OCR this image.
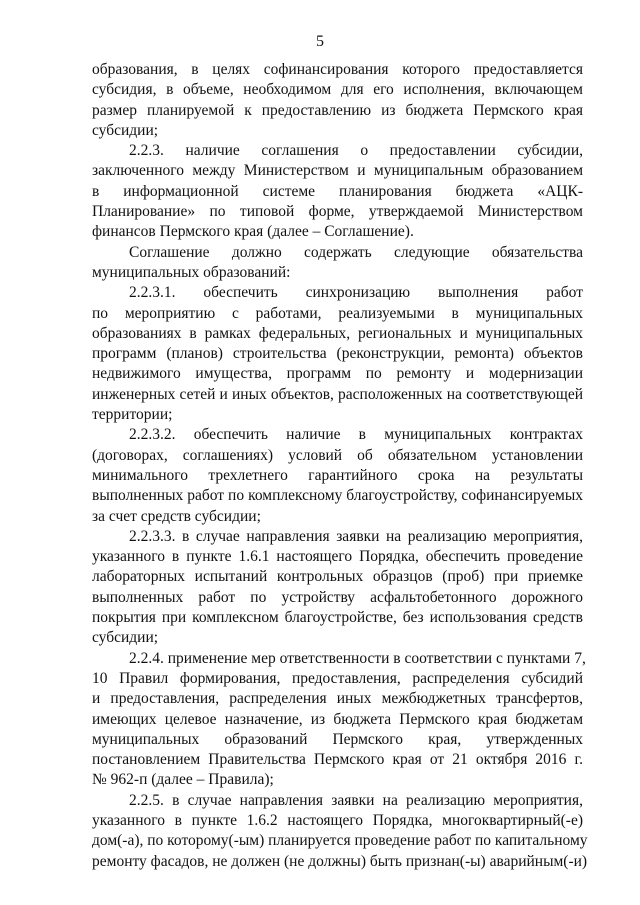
5
образования, в целях софинансирования которого предоставляется
субсидия, в объеме, необходимом для его исполнения, включающем
размер планируемой к предоставлению из бюджета Пермского края
субсидии;
2.2.3. наличие соглашения о предоставлении субсидии,
заключенного между Министерством и муниципальным образованием
в информационной системе планирования бюджета «АЦК-
Планирование» по типовой форме, утверждаемой Министерством
финансов Пермского края (далее – Соглашение).
Соглашение должно содержать следующие обязательства
муниципальных образований:
2.2.3.1. обеспечить синхронизацию выполнения работ
по мероприятию с работами, реализуемыми в муниципальных
образованиях в рамках федеральных, региональных и муниципальных
программ (планов) строительства (реконструкции, ремонта) объектов
недвижимого имущества, программ по ремонту и модернизации
инженерных сетей и иных объектов, расположенных на соответствующей
территории;
2.2.3.2. обеспечить наличие в муниципальных контрактах
(договорах, соглашениях) условий об обязательном установлении
минимального трехлетнего гарантийного срока на результаты
выполненных работ по комплексному благоустройству, софинансируемых
за счет средств субсидии;
2.2.3.3. в случае направления заявки на реализацию мероприятия,
указанного в пункте 1.6.1 настоящего Порядка, обеспечить проведение
лабораторных испытаний контрольных образцов (проб) при приемке
выполненных работ по устройству асфальтобетонного дорожного
покрытия при комплексном благоустройстве, без использования средств
субсидии;
2.2.4. применение мер ответственности в соответствии с пунктами 7,
10 Правил формирования, предоставления, распределения субсидий
и предоставления, распределения иных межбюджетных трансфертов,
имеющих целевое назначение, из бюджета Пермского края бюджетам
муниципальных образований Пермского края, утвержденных
постановлением Правительства Пермского края от 21 октября 2016 г.
№ 962-п (далее – Правила);
2.2.5. в случае направления заявки на реализацию мероприятия,
указанного в пункте 1.6.2 настоящего Порядка, многоквартирный(-е)
дом(-а), по которому(-ым) планируется проведение работ по капитальному
ремонту фасадов, не должен (не должны) быть признан(-ы) аварийным(-и)
